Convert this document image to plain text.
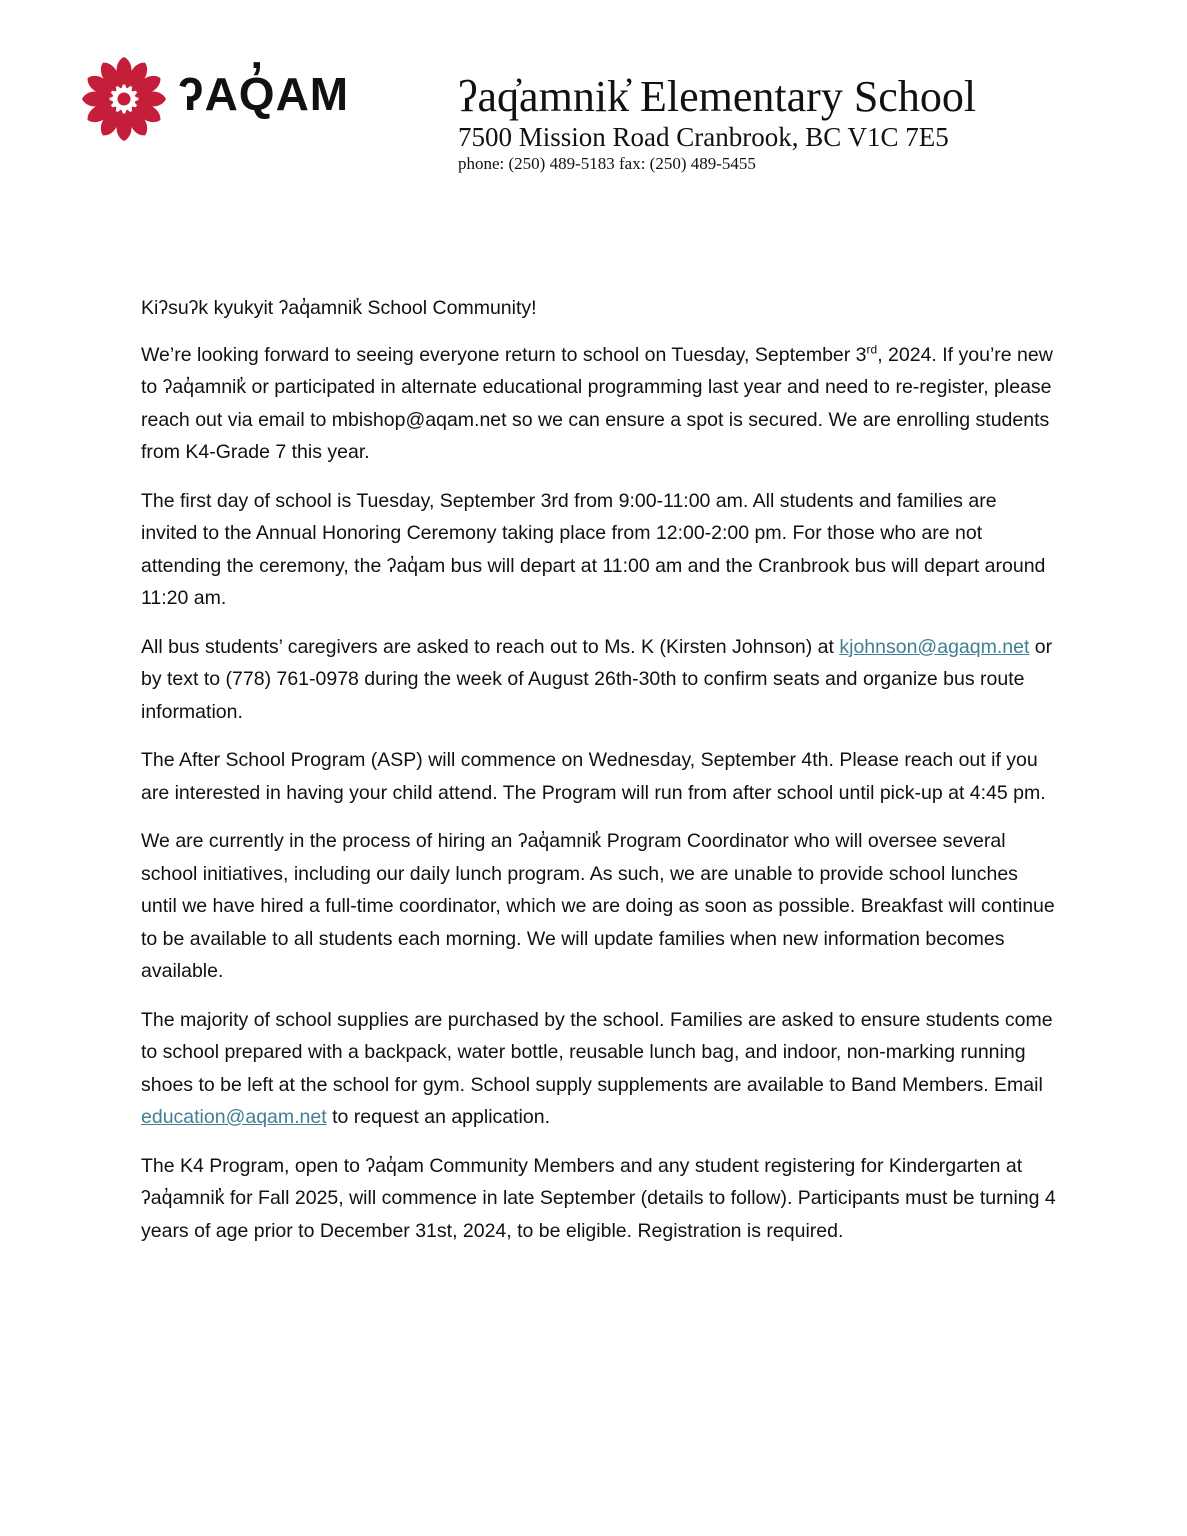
ʔAQ̓AM ʔaq̓amnik̓ Elementary School
7500 Mission Road Cranbrook, BC V1C 7E5
phone: (250) 489-5183 fax: (250) 489-5455

Kiʔsuʔk kyukyit ʔaq̓amnik̓ School Community!

We’re looking forward to seeing everyone return to school on Tuesday, September 3rd, 2024. If you’re new to ʔaq̓amnik̓ or participated in alternate educational programming last year and need to re-register, please reach out via email to mbishop@aqam.net so we can ensure a spot is secured. We are enrolling students from K4-Grade 7 this year.

The first day of school is Tuesday, September 3rd from 9:00-11:00 am. All students and families are invited to the Annual Honoring Ceremony taking place from 12:00-2:00 pm. For those who are not attending the ceremony, the ʔaq̓am bus will depart at 11:00 am and the Cranbrook bus will depart around 11:20 am.

All bus students’ caregivers are asked to reach out to Ms. K (Kirsten Johnson) at kjohnson@agaqm.net or by text to (778) 761-0978 during the week of August 26th-30th to confirm seats and organize bus route information.

The After School Program (ASP) will commence on Wednesday, September 4th. Please reach out if you are interested in having your child attend. The Program will run from after school until pick-up at 4:45 pm.

We are currently in the process of hiring an ʔaq̓amnik̓ Program Coordinator who will oversee several school initiatives, including our daily lunch program. As such, we are unable to provide school lunches until we have hired a full-time coordinator, which we are doing as soon as possible. Breakfast will continue to be available to all students each morning. We will update families when new information becomes available.

The majority of school supplies are purchased by the school. Families are asked to ensure students come to school prepared with a backpack, water bottle, reusable lunch bag, and indoor, non-marking running shoes to be left at the school for gym. School supply supplements are available to Band Members. Email education@aqam.net to request an application.

The K4 Program, open to ʔaq̓am Community Members and any student registering for Kindergarten at ʔaq̓amnik̓ for Fall 2025, will commence in late September (details to follow). Participants must be turning 4 years of age prior to December 31st, 2024, to be eligible. Registration is required.
